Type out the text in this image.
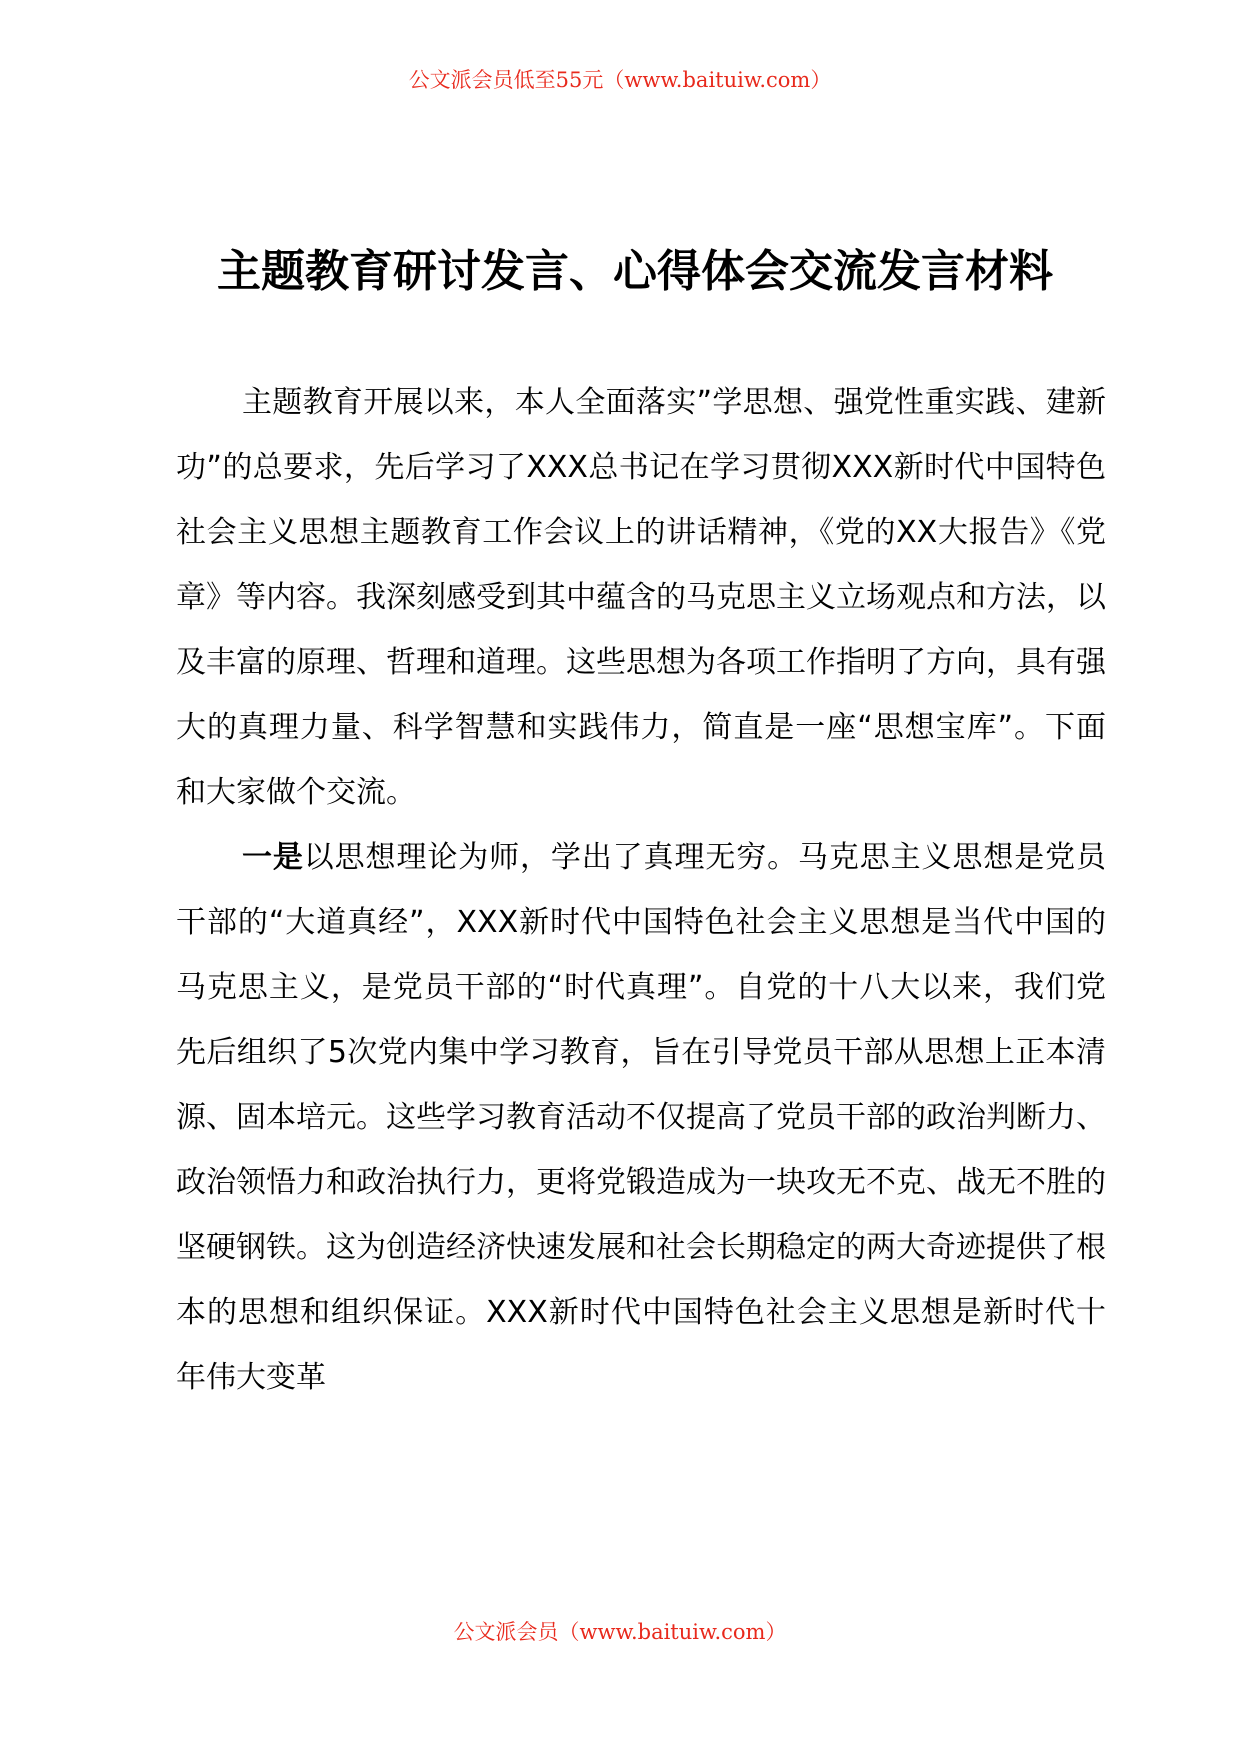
公文派会员低至55元（www.baituiw.com）
主题教育研讨发言、心得体会交流发言材料

主题教育开展以来，本人全面落实”学思想、强党性重实践、建新功”的总要求，先后学习了XXX总书记在学习贯彻XXX新时代中国特色社会主义思想主题教育工作会议上的讲话精神，《党的XX大报告》《党章》等内容。我深刻感受到其中蕴含的马克思主义立场观点和方法，以及丰富的原理、哲理和道理。这些思想为各项工作指明了方向，具有强大的真理力量、科学智慧和实践伟力，简直是一座“思想宝库”。下面和大家做个交流。

一是以思想理论为师，学出了真理无穷。马克思主义思想是党员干部的“大道真经”，XXX新时代中国特色社会主义思想是当代中国的马克思主义，是党员干部的“时代真理”。自党的十八大以来，我们党先后组织了5次党内集中学习教育，旨在引导党员干部从思想上正本清源、固本培元。这些学习教育活动不仅提高了党员干部的政治判断力、政治领悟力和政治执行力，更将党锻造成为一块攻无不克、战无不胜的坚硬钢铁。这为创造经济快速发展和社会长期稳定的两大奇迹提供了根本的思想和组织保证。XXX新时代中国特色社会主义思想是新时代十年伟大变革

公文派会员（www.baituiw.com）
